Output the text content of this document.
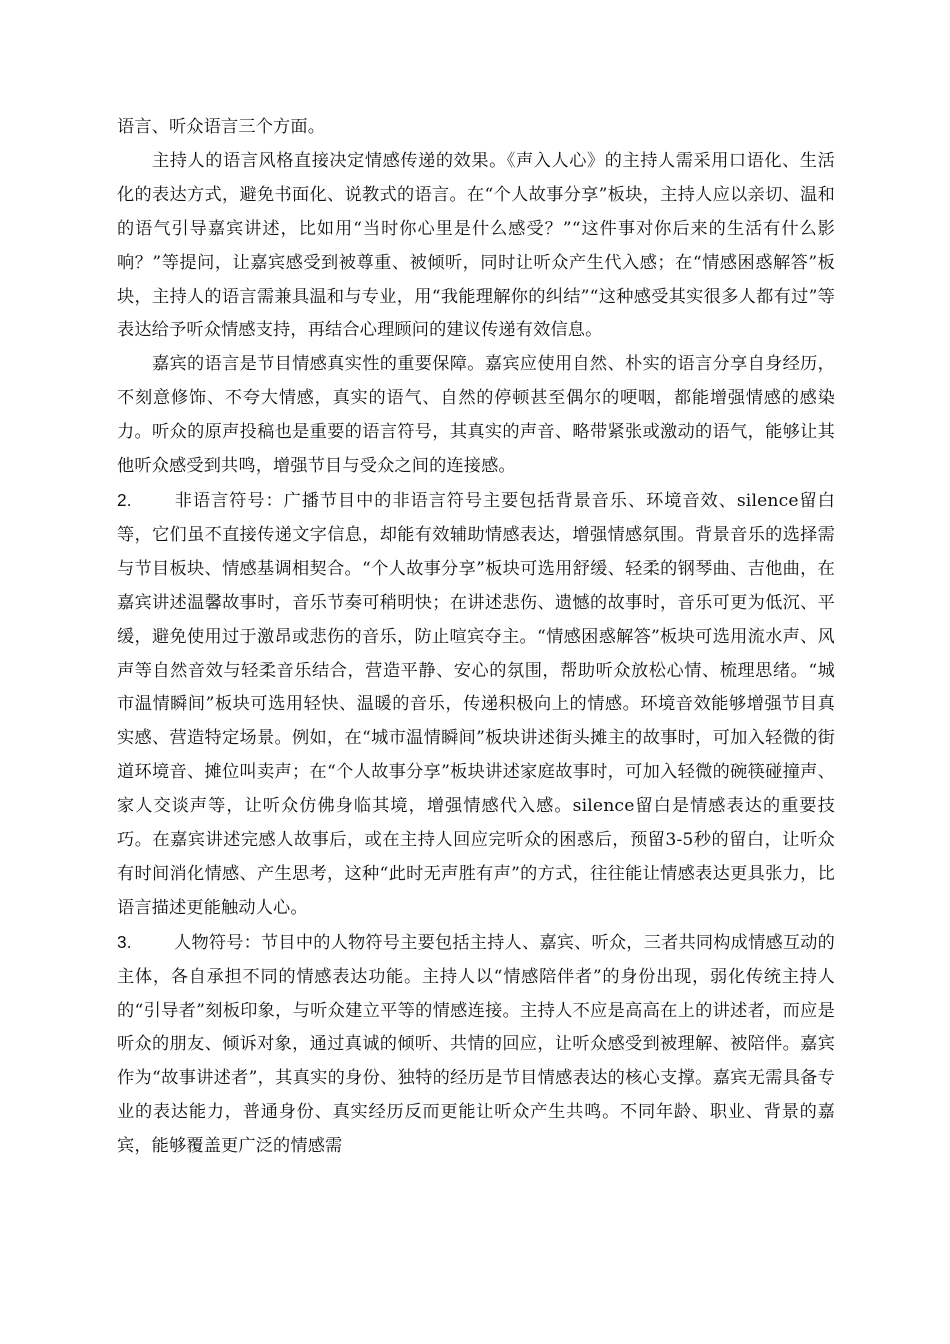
语言、听众语言三个方面。

主持人的语言风格直接决定情感传递的效果。《声入人心》的主持人需采用口语化、生活化的表达方式，避免书面化、说教式的语言。在“个人故事分享”板块，主持人应以亲切、温和的语气引导嘉宾讲述，比如用“当时你心里是什么感受？”“这件事对你后来的生活有什么影响？”等提问，让嘉宾感受到被尊重、被倾听，同时让听众产生代入感；在“情感困惑解答”板块，主持人的语言需兼具温和与专业，用“我能理解你的纠结”“这种感受其实很多人都有过”等表达给予听众情感支持，再结合心理顾问的建议传递有效信息。

嘉宾的语言是节目情感真实性的重要保障。嘉宾应使用自然、朴实的语言分享自身经历，不刻意修饰、不夸大情感，真实的语气、自然的停顿甚至偶尔的哽咽，都能增强情感的感染力。听众的原声投稿也是重要的语言符号，其真实的声音、略带紧张或激动的语气，能够让其他听众感受到共鸣，增强节目与受众之间的连接感。

2. 非语言符号：广播节目中的非语言符号主要包括背景音乐、环境音效、silence留白等，它们虽不直接传递文字信息，却能有效辅助情感表达，增强情感氛围。背景音乐的选择需与节目板块、情感基调相契合。“个人故事分享”板块可选用舒缓、轻柔的钢琴曲、吉他曲，在嘉宾讲述温馨故事时，音乐节奏可稍明快；在讲述悲伤、遗憾的故事时，音乐可更为低沉、平缓，避免使用过于激昂或悲伤的音乐，防止喧宾夺主。“情感困惑解答”板块可选用流水声、风声等自然音效与轻柔音乐结合，营造平静、安心的氛围，帮助听众放松心情、梳理思绪。“城市温情瞬间”板块可选用轻快、温暖的音乐，传递积极向上的情感。环境音效能够增强节目真实感、营造特定场景。例如，在“城市温情瞬间”板块讲述街头摊主的故事时，可加入轻微的街道环境音、摊位叫卖声；在“个人故事分享”板块讲述家庭故事时，可加入轻微的碗筷碰撞声、家人交谈声等，让听众仿佛身临其境，增强情感代入感。silence留白是情感表达的重要技巧。在嘉宾讲述完感人故事后，或在主持人回应完听众的困惑后，预留3-5秒的留白，让听众有时间消化情感、产生思考，这种“此时无声胜有声”的方式，往往能让情感表达更具张力，比语言描述更能触动人心。

3. 人物符号：节目中的人物符号主要包括主持人、嘉宾、听众，三者共同构成情感互动的主体，各自承担不同的情感表达功能。主持人以“情感陪伴者”的身份出现，弱化传统主持人的“引导者”刻板印象，与听众建立平等的情感连接。主持人不应是高高在上的讲述者，而应是听众的朋友、倾诉对象，通过真诚的倾听、共情的回应，让听众感受到被理解、被陪伴。嘉宾作为“故事讲述者”，其真实的身份、独特的经历是节目情感表达的核心支撑。嘉宾无需具备专业的表达能力，普通身份、真实经历反而更能让听众产生共鸣。不同年龄、职业、背景的嘉宾，能够覆盖更广泛的情感需
